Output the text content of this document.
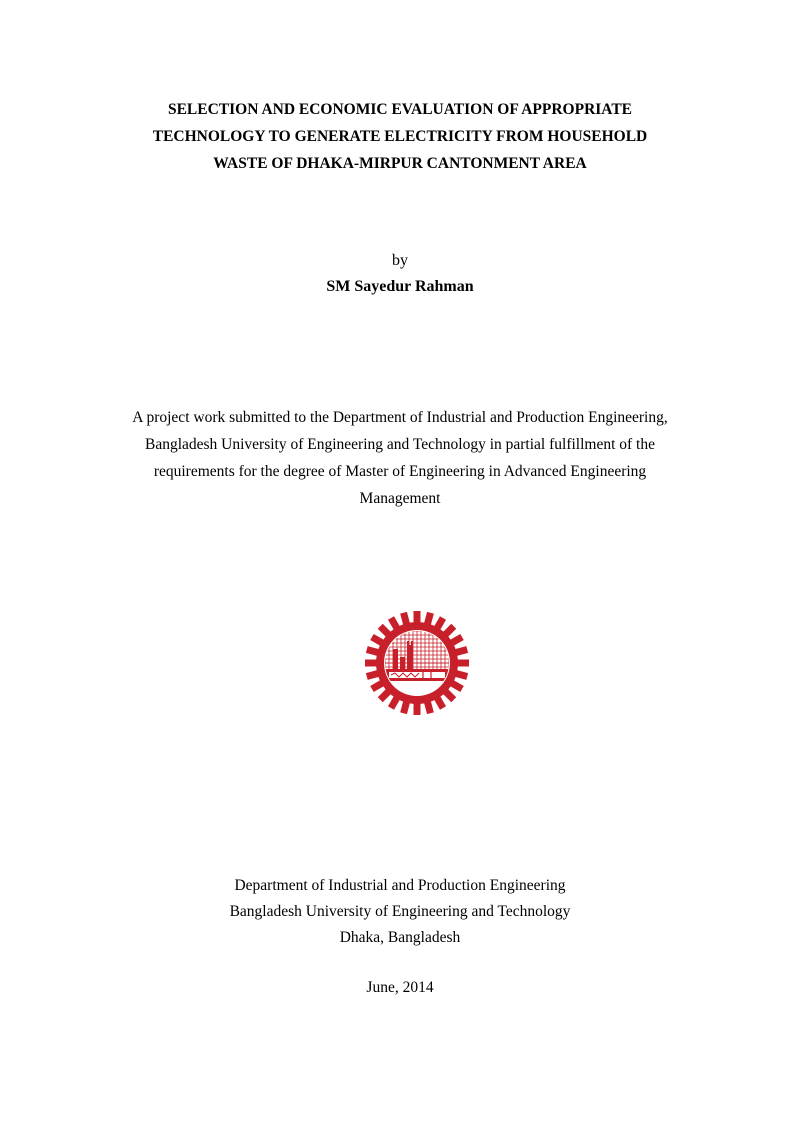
SELECTION AND ECONOMIC EVALUATION OF APPROPRIATE
TECHNOLOGY TO GENERATE ELECTRICITY FROM HOUSEHOLD
WASTE OF DHAKA-MIRPUR CANTONMENT AREA
by
SM Sayedur Rahman
A project work submitted to the Department of Industrial and Production Engineering,
Bangladesh University of Engineering and Technology in partial fulfillment of the
requirements for the degree of Master of Engineering in Advanced Engineering
Management
Department of Industrial and Production Engineering
Bangladesh University of Engineering and Technology
Dhaka, Bangladesh
June, 2014
